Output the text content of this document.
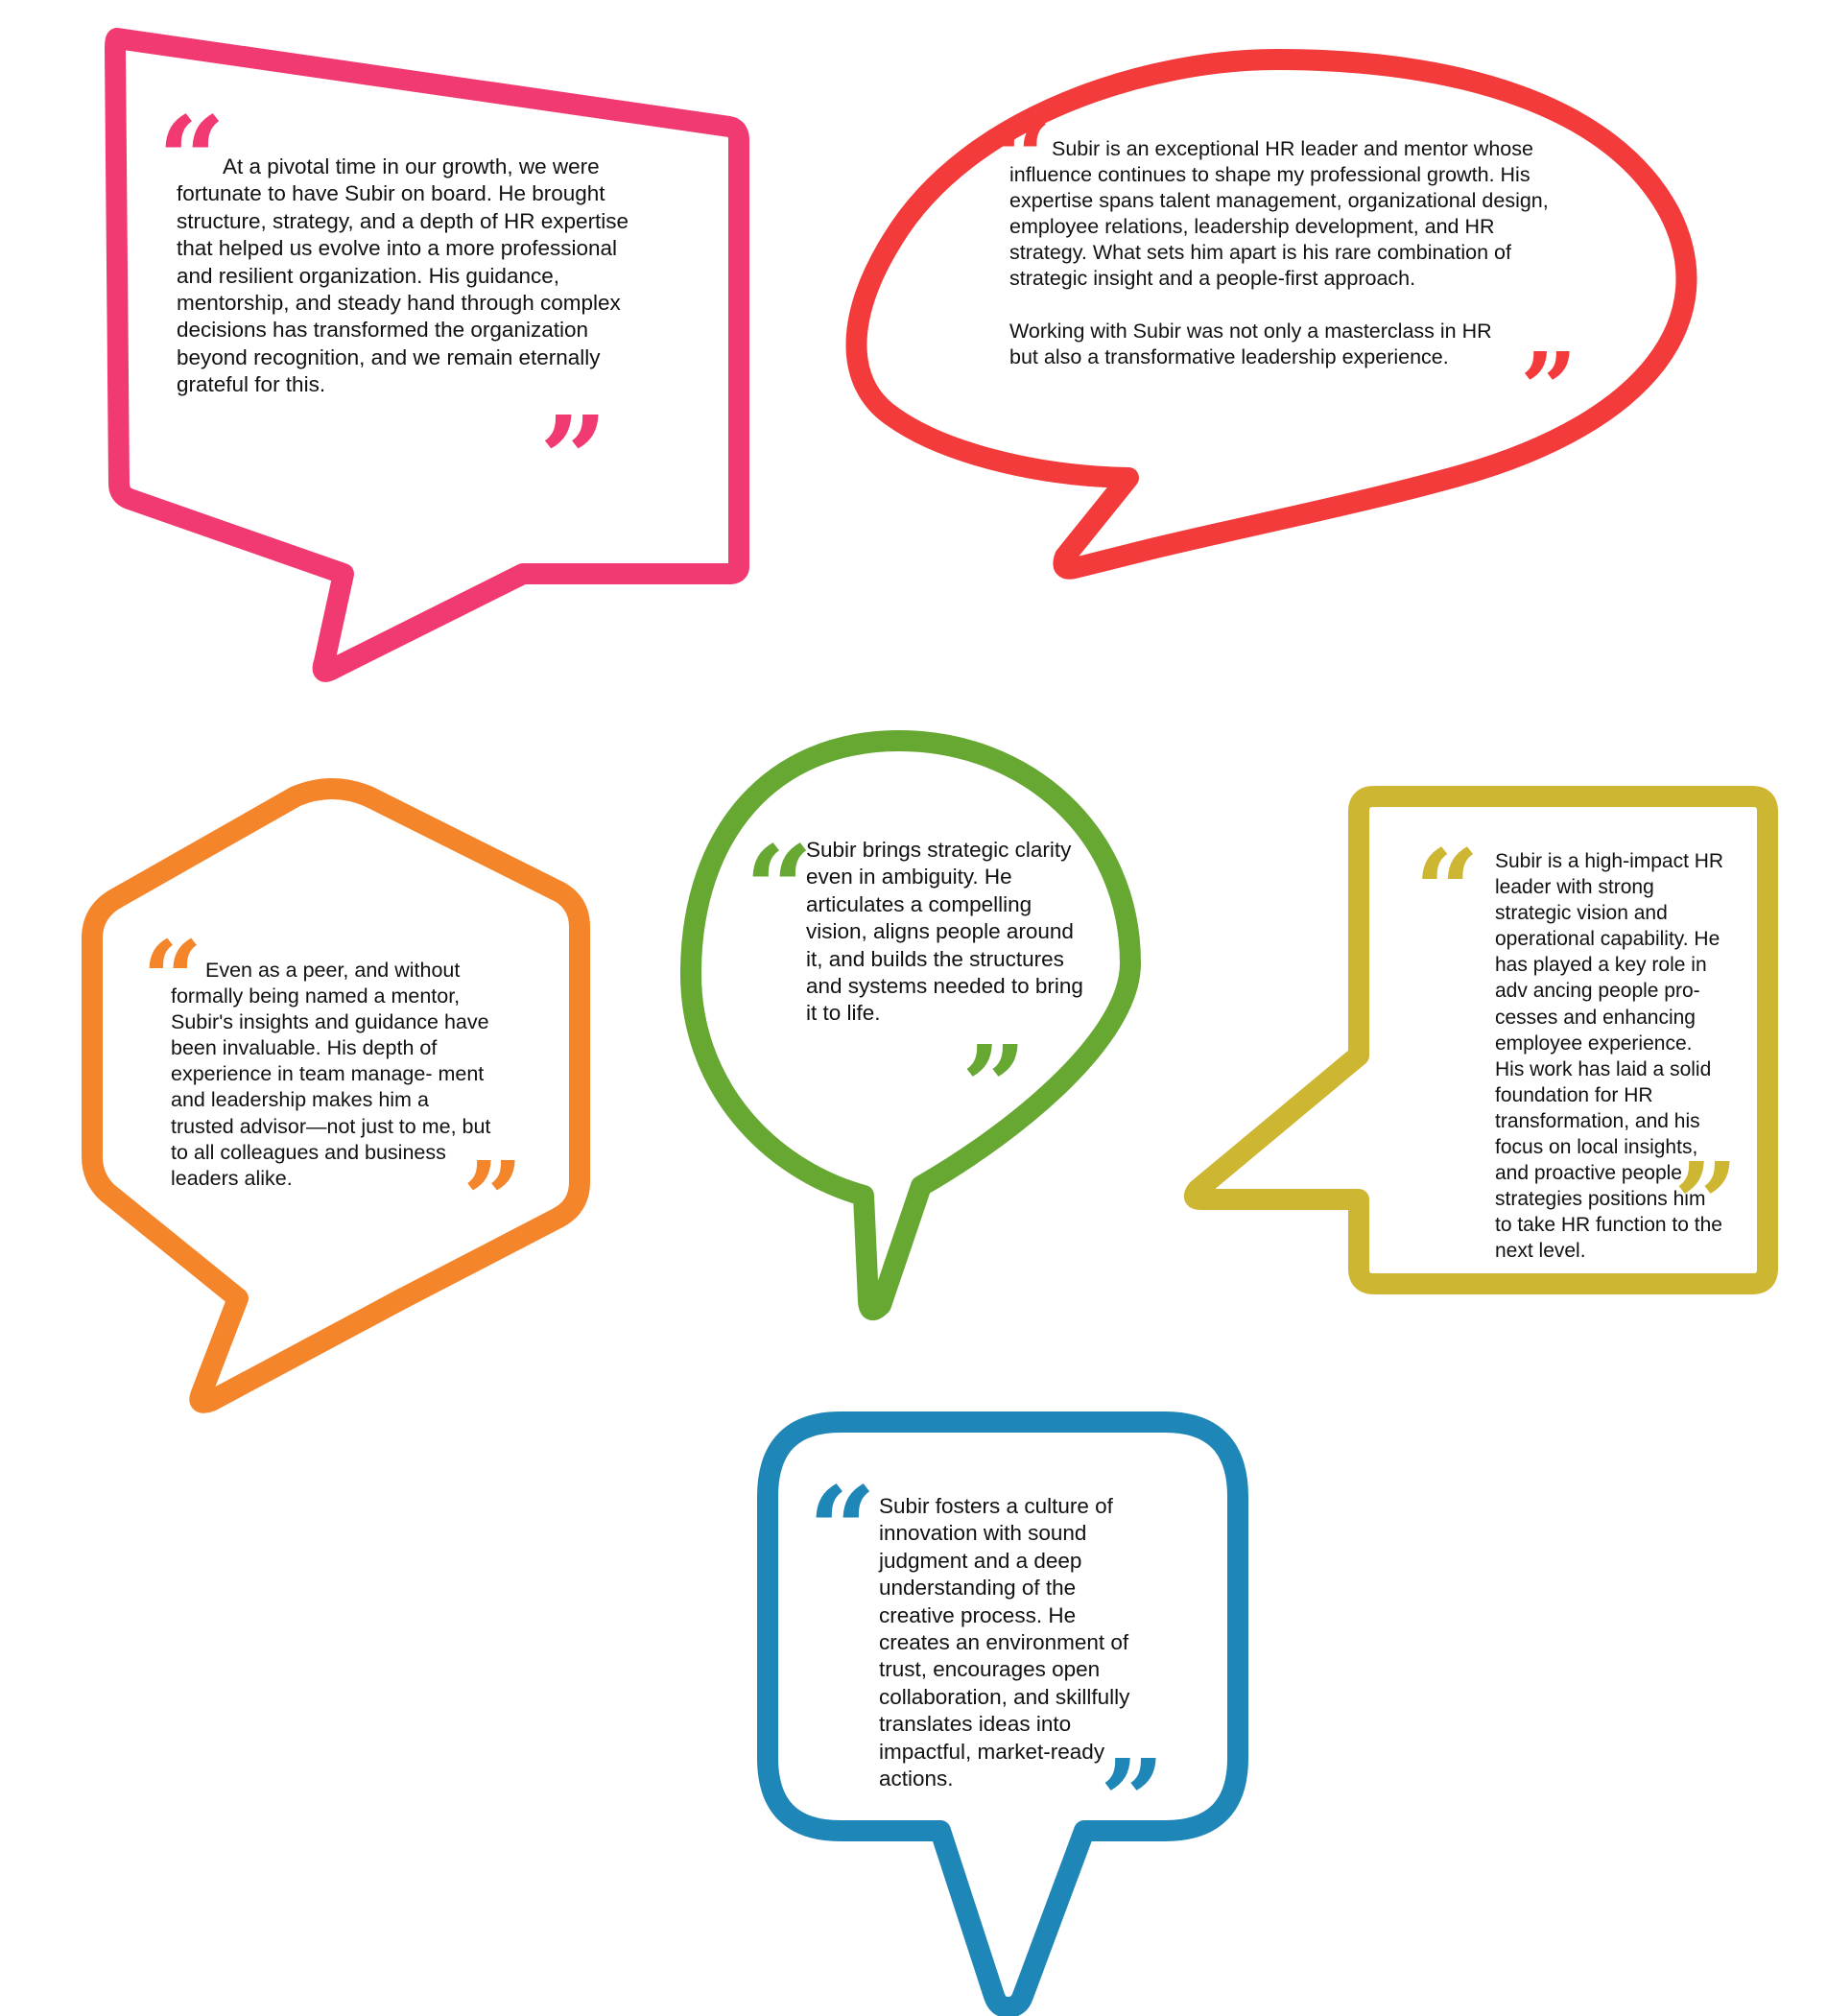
“

At a pivotal time in our growth, we were fortunate to have Subir on board. He brought structure, strategy, and a depth of HR expertise that helped us evolve into a more professional and resilient organization. His guidance, mentorship, and steady hand through complex decisions has transformed the organization beyond recognition, and we remain eternally grateful for this.

”
“ Subir is an exceptional HR leader and mentor whose influence continues to shape my professional growth. His expertise spans talent management, organizational design, employee relations, leadership development, and HR strategy. What sets him apart is his rare combination of strategic insight and a people-first approach.

Working with Subir was not only a masterclass in HR but also a transformative leadership experience. ”
“ Even as a peer, and without formally being named a mentor, Subir's insights and guidance have been invaluable. His depth of experience in team manage- ment and leadership makes him a trusted advisor—not just to me, but to all colleagues and business leaders alike.	”
“

Subir brings strategic clarity even in ambiguity. He articulates a compelling vision, aligns people around it, and builds the structures and systems needed to bring it to life.

”
“ Subir is a high-impact HR leader with strong strategic vision and operational capability. He has played a key role in adv ancing people pro- cesses and enhancing employee experience. His work has laid a solid foundation for HR transformation, and his focus on local insights, and proactive people strategies positions him to take HR function to the next level. ”
“ Subir fosters a culture of innovation with sound judgment and a deep understanding of the creative process. He creates an environment of trust, encourages open collaboration, and skillfully translates ideas into impactful, market-ready actions.	”
